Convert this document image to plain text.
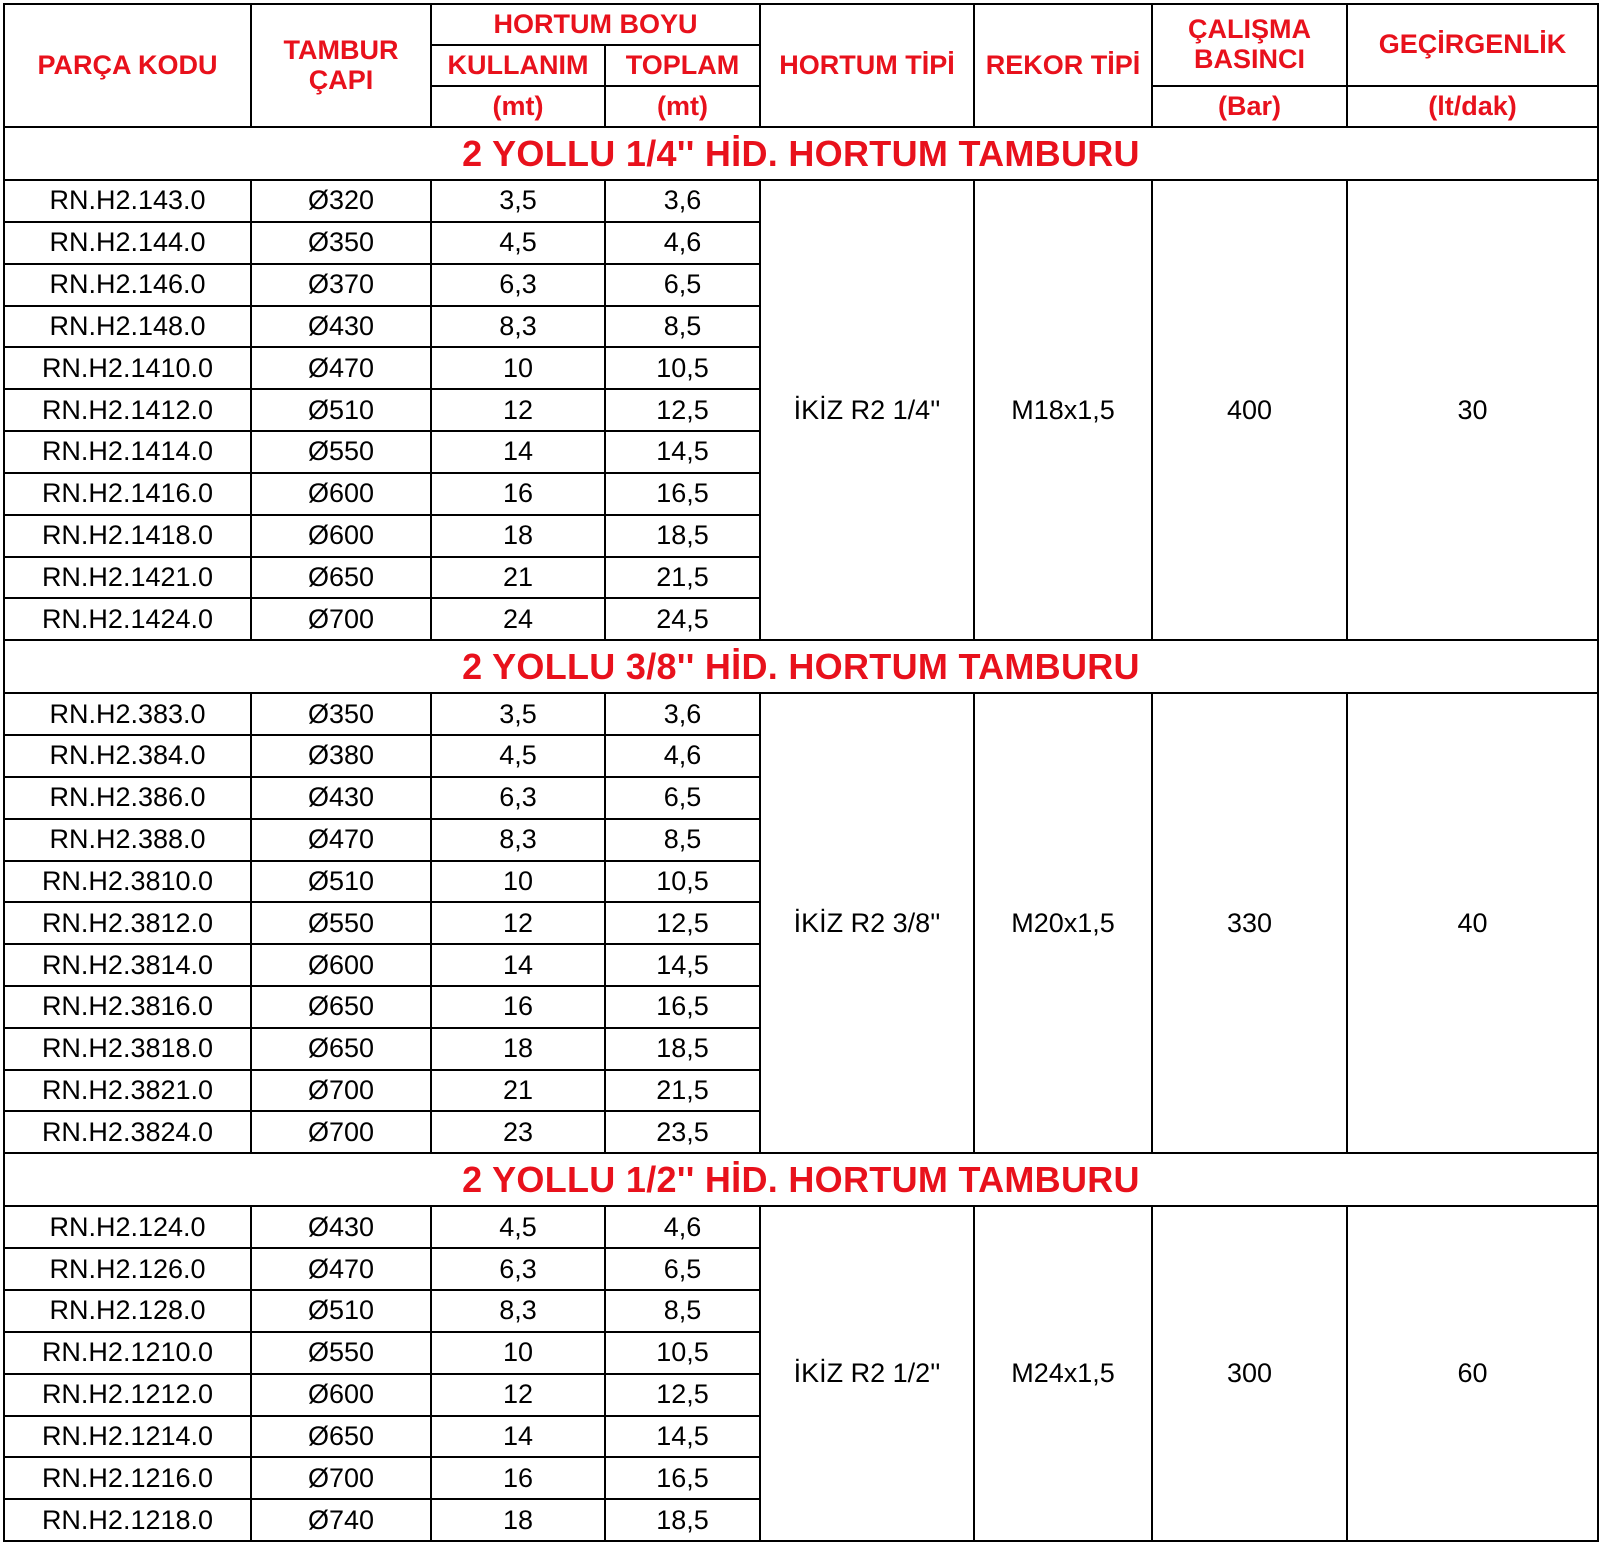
PARÇA KODU	TAMBUR ÇAPI	HORTUM BOYU		HORTUM TİPİ	REKOR TİPİ	ÇALIŞMA BASINCI	GEÇİRGENLİK
		KULLANIM	TOPLAM				
		(mt)	(mt)			(Bar)	(lt/dak)
2 YOLLU 1/4'' HİD. HORTUM TAMBURU							
RN.H2.143.0	Ø320	3,5	3,6	İKİZ R2 1/4''	M18x1,5	400	30
RN.H2.144.0	Ø350	4,5	4,6				
RN.H2.146.0	Ø370	6,3	6,5				
RN.H2.148.0	Ø430	8,3	8,5				
RN.H2.1410.0	Ø470	10	10,5				
RN.H2.1412.0	Ø510	12	12,5				
RN.H2.1414.0	Ø550	14	14,5				
RN.H2.1416.0	Ø600	16	16,5				
RN.H2.1418.0	Ø600	18	18,5				
RN.H2.1421.0	Ø650	21	21,5				
RN.H2.1424.0	Ø700	24	24,5				
2 YOLLU 3/8'' HİD. HORTUM TAMBURU							
RN.H2.383.0	Ø350	3,5	3,6	İKİZ R2 3/8''	M20x1,5	330	40
RN.H2.384.0	Ø380	4,5	4,6				
RN.H2.386.0	Ø430	6,3	6,5				
RN.H2.388.0	Ø470	8,3	8,5				
RN.H2.3810.0	Ø510	10	10,5				
RN.H2.3812.0	Ø550	12	12,5				
RN.H2.3814.0	Ø600	14	14,5				
RN.H2.3816.0	Ø650	16	16,5				
RN.H2.3818.0	Ø650	18	18,5				
RN.H2.3821.0	Ø700	21	21,5				
RN.H2.3824.0	Ø700	23	23,5				
2 YOLLU 1/2'' HİD. HORTUM TAMBURU							
RN.H2.124.0	Ø430	4,5	4,6	İKİZ R2 1/2''	M24x1,5	300	60
RN.H2.126.0	Ø470	6,3	6,5				
RN.H2.128.0	Ø510	8,3	8,5				
RN.H2.1210.0	Ø550	10	10,5				
RN.H2.1212.0	Ø600	12	12,5				
RN.H2.1214.0	Ø650	14	14,5				
RN.H2.1216.0	Ø700	16	16,5				
RN.H2.1218.0	Ø740	18	18,5				
